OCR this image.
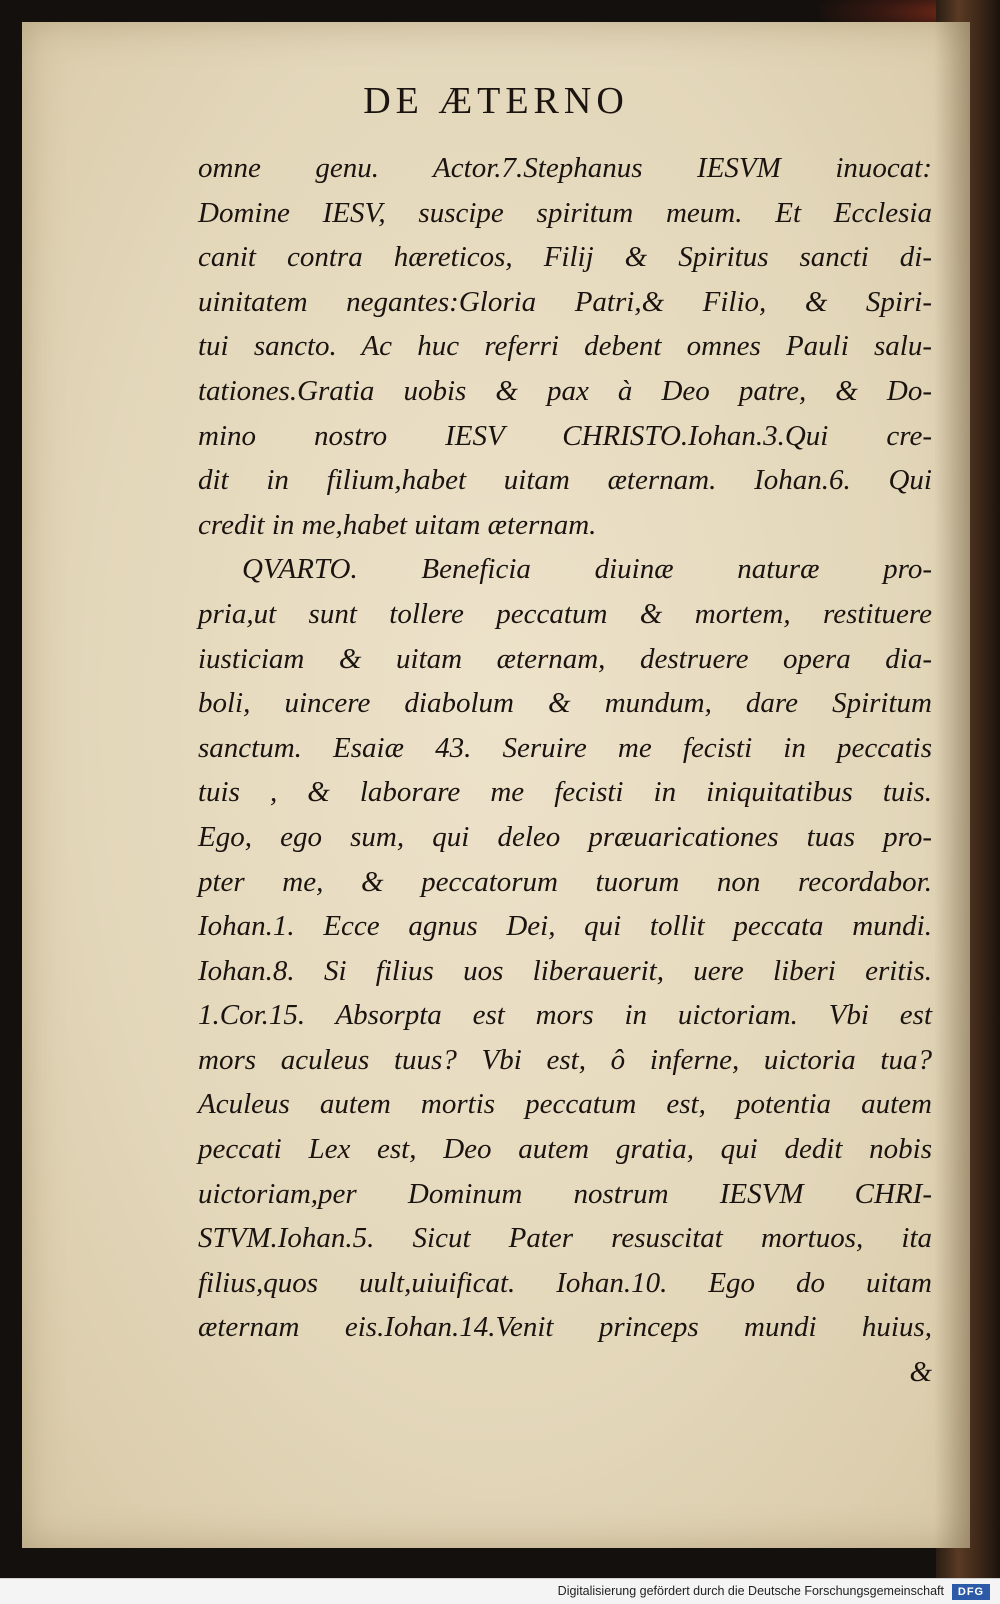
DE ÆTERNO
omne genu. Actor.7.Stephanus IESVM inuocat:
Domine IESV, suscipe spiritum meum. Et Ecclesia
canit contra hæreticos, Filij & Spiritus sancti di-
uinitatem negantes:Gloria Patri,& Filio, & Spiri-
tui sancto. Ac huc referri debent omnes Pauli salu-
tationes.Gratia uobis & pax à Deo patre, & Do-
mino nostro IESV CHRISTO.Iohan.3.Qui cre-
dit in filium,habet uitam æternam. Iohan.6. Qui
credit in me,habet uitam æternam.
QVARTO. Beneficia diuinæ naturæ pro-
pria,ut sunt tollere peccatum & mortem, restituere
iusticiam & uitam æternam, destruere opera dia-
boli, uincere diabolum & mundum, dare Spiritum
sanctum. Esaiæ 43. Seruire me fecisti in peccatis
tuis , & laborare me fecisti in iniquitatibus tuis.
Ego, ego sum, qui deleo præuaricationes tuas pro-
pter me, & peccatorum tuorum non recordabor.
Iohan.1. Ecce agnus Dei, qui tollit peccata mundi.
Iohan.8. Si filius uos liberauerit, uere liberi eritis.
1.Cor.15. Absorpta est mors in uictoriam. Vbi est
mors aculeus tuus? Vbi est, ô inferne, uictoria tua?
Aculeus autem mortis peccatum est, potentia autem
peccati Lex est, Deo autem gratia, qui dedit nobis
uictoriam,per Dominum nostrum IESVM CHRI-
STVM.Iohan.5. Sicut Pater resuscitat mortuos, ita
filius,quos uult,uiuificat. Iohan.10. Ego do uitam
æternam eis.Iohan.14.Venit princeps mundi huius,
&
Digitalisierung gefördert durch die Deutsche Forschungsgemeinschaft	DFG
